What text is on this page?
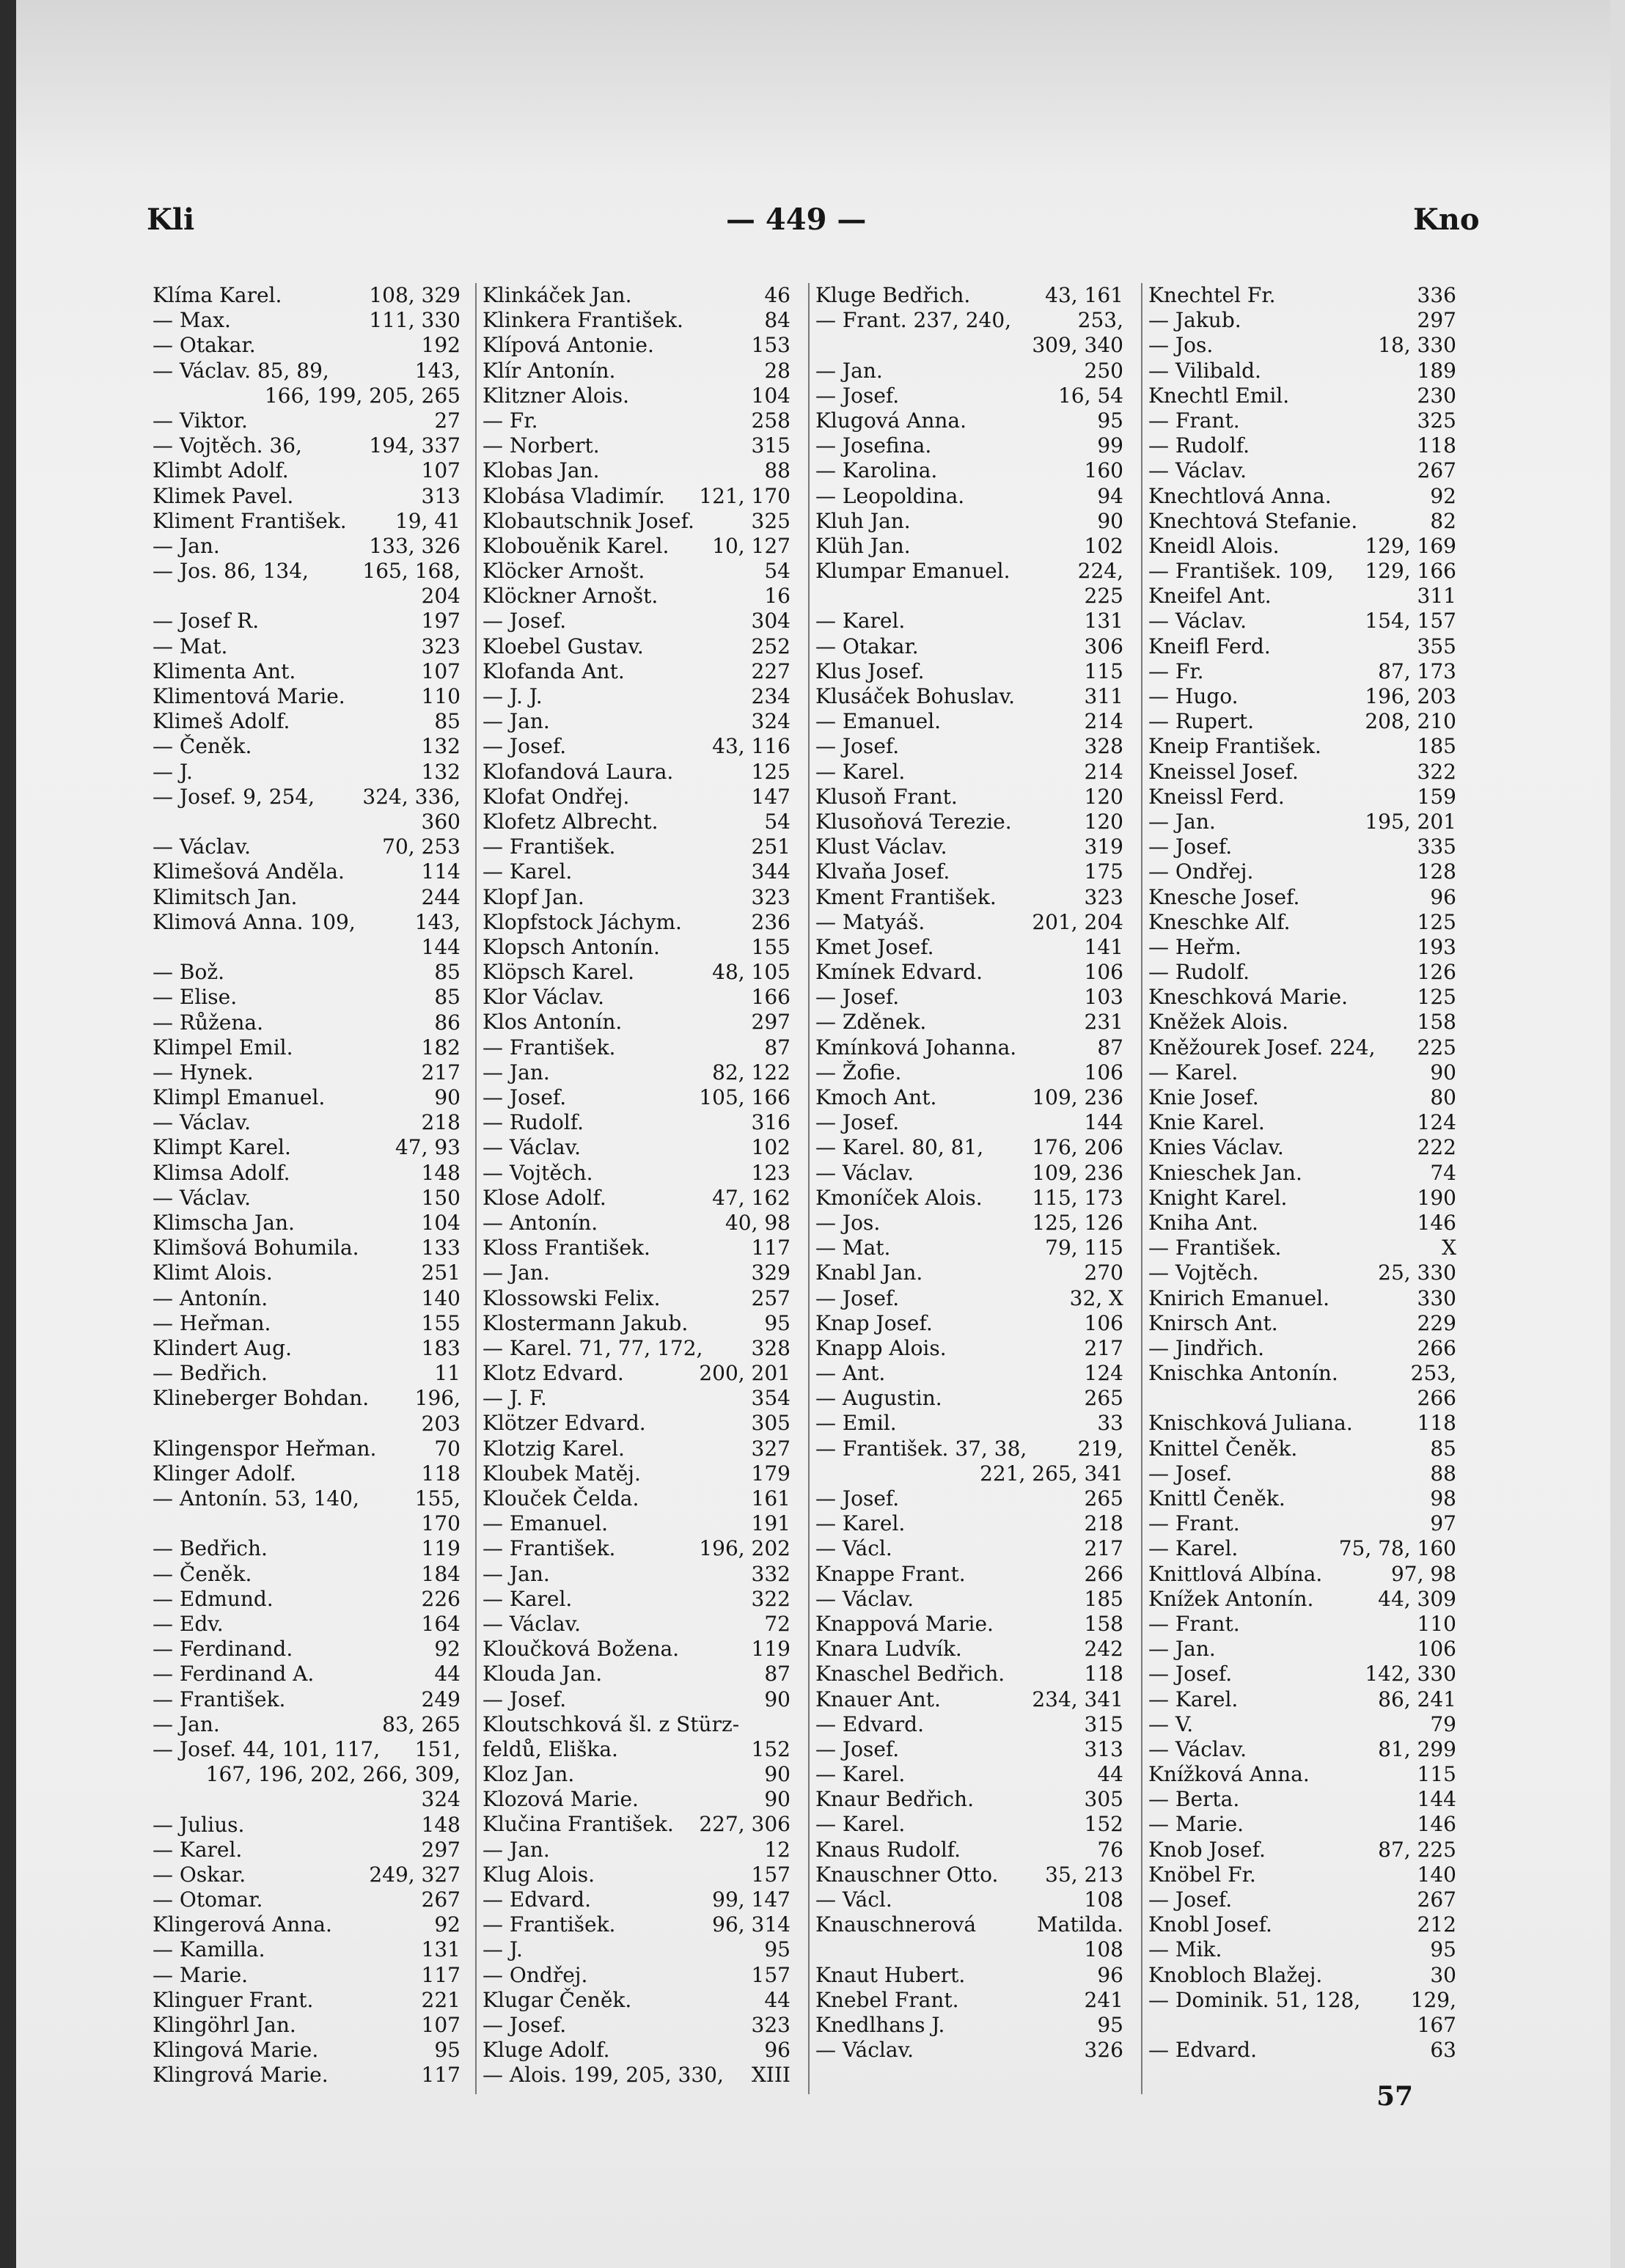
Kli	— 449 —	Kno
Klíma Karel.	108, 329
— Max.	111, 330
— Otakar.	192
— Václav. 85, 89,	143,
166, 199, 205, 265
— Viktor.	27
— Vojtěch. 36,	194, 337
Klimbt Adolf.	107
Klimek Pavel.	313
Kliment František. 19, 41
— Jan.	133, 326
— Jos. 86, 134,	165, 168,
204
— Josef R.	197
— Mat.	323
Klimenta Ant.	107
Klimentová Marie.	110
Klimeš Adolf.	85
— Čeněk.	132
— J.	132
— Josef. 9, 254, 324, 336,
360
— Václav.	70, 253
Klimešová Anděla.	114
Klimitsch Jan.	244
Klimová Anna. 109,	143,
144
— Bož.	85
— Elise.	85
— Růžena.	86
Klimpel Emil.	182
— Hynek.	217
Klimpl Emanuel.	90
— Václav.	218
Klimpt Karel.	47, 93
Klimsa Adolf.	148
— Václav.	150
Klimscha Jan.	104
Klimšová Bohumila.	133
Klimt Alois.	251
— Antonín.	140
— Heřman.	155
Klindert Aug.	183
— Bedřich.	11
Klineberger Bohdan. 196,
203
Klingenspor Heřman.	70
Klinger Adolf.	118
— Antonín. 53, 140,	155,
170
— Bedřich.	119
— Čeněk.	184
— Edmund.	226
— Edv.	164
— Ferdinand.	92
— Ferdinand A.	44
— František.	249
— Jan.	83, 265
— Josef. 44, 101, 117, 151,
167, 196, 202, 266, 309,
324
— Julius.	148
— Karel.	297
— Oskar.	249, 327
— Otomar.	267
Klingerová Anna.	92
— Kamilla.	131
— Marie.	117
Klinguer Frant.	221
Klingöhrl Jan.	107
Klingová Marie.	95
Klingrová Marie.	117
Klinkáček Jan.	46
Klinkera František.	84
Klípová Antonie.	153
Klír Antonín.	28
Klitzner Alois.	104
— Fr.	258
— Norbert.	315
Klobas Jan.	88
Klobása Vladimír. 121, 170
Klobautschnik Josef.	325
Klobouěnik Karel. 10, 127
Klöcker Arnošt.	54
Klöckner Arnošt.	16
— Josef.	304
Kloebel Gustav.	252
Klofanda Ant.	227
— J. J.	234
— Jan.	324
— Josef.	43, 116
Klofandová Laura.	125
Klofat Ondřej.	147
Klofetz Albrecht.	54
— František.	251
— Karel.	344
Klopf Jan.	323
Klopfstock Jáchym.	236
Klopsch Antonín.	155
Klöpsch Karel.	48, 105
Klor Václav.	166
Klos Antonín.	297
— František.	87
— Jan.	82, 122
— Josef.	105, 166
— Rudolf.	316
— Václav.	102
— Vojtěch.	123
Klose Adolf.	47, 162
— Antonín.	40, 98
Kloss František.	117
— Jan.	329
Klossowski Felix.	257
Klostermann Jakub.	95
— Karel. 71, 77, 172, 328
Klotz Edvard.	200, 201
— J. F.	354
Klötzer Edvard.	305
Klotzig Karel.	327
Kloubek Matěj.	179
Klouček Čelda.	161
— Emanuel.	191
— František.	196, 202
— Jan.	332
— Karel.	322
— Václav.	72
Kloučková Božena.	119
Klouda Jan.	87
— Josef.	90
Kloutschková šl. z Stürz-
feldů, Eliška.	152
Kloz Jan.	90
Klozová Marie.	90
Klučina František. 227, 306
— Jan.	12
Klug Alois.	157
— Edvard.	99, 147
— František.	96, 314
— J.	95
— Ondřej.	157
Klugar Čeněk.	44
— Josef.	323
Kluge Adolf.	96
— Alois. 199, 205, 330, XIII
Kluge Bedřich.	43, 161
— Frant. 237, 240,	253,
309, 340
— Jan.	250
— Josef.	16, 54
Klugová Anna.	95
— Josefina.	99
— Karolina.	160
— Leopoldina.	94
Kluh Jan.	90
Klüh Jan.	102
Klumpar Emanuel.	224,
225
— Karel.	131
— Otakar.	306
Klus Josef.	115
Klusáček Bohuslav.	311
— Emanuel.	214
— Josef.	328
— Karel.	214
Klusoň Frant.	120
Klusoňová Terezie.	120
Klust Václav.	319
Klvaňa Josef.	175
Kment František.	323
— Matyáš.	201, 204
Kmet Josef.	141
Kmínek Edvard.	106
— Josef.	103
— Zděnek.	231
Kmínková Johanna.	87
— Žofie.	106
Kmoch Ant.	109, 236
— Josef.	144
— Karel. 80, 81, 176, 206
— Václav.	109, 236
Kmoníček Alois. 115, 173
— Jos.	125, 126
— Mat.	79, 115
Knabl Jan.	270
— Josef.	32, X
Knap Josef.	106
Knapp Alois.	217
— Ant.	124
— Augustin.	265
— Emil.	33
— František. 37, 38, 219,
221, 265, 341
— Josef.	265
— Karel.	218
— Václ.	217
Knappe Frant.	266
— Václav.	185
Knappová Marie.	158
Knara Ludvík.	242
Knaschel Bedřich.	118
Knauer Ant.	234, 341
— Edvard.	315
— Josef.	313
— Karel.	44
Knaur Bedřich.	305
— Karel.	152
Knaus Rudolf.	76
Knauschner Otto. 35, 213
— Václ.	108
Knauschnerová	Matilda.
108
Knaut Hubert.	96
Knebel Frant.	241
Knedlhans J.	95
— Václav.	326
Knechtel Fr.	336
— Jakub.	297
— Jos.	18, 330
— Vilibald.	189
Knechtl Emil.	230
— Frant.	325
— Rudolf.	118
— Václav.	267
Knechtlová Anna.	92
Knechtová Stefanie.	82
Kneidl Alois.	129, 169
— František. 109, 129, 166
Kneifel Ant.	311
— Václav.	154, 157
Kneifl Ferd.	355
— Fr.	87, 173
— Hugo.	196, 203
— Rupert.	208, 210
Kneip František.	185
Kneissel Josef.	322
Kneissl Ferd.	159
— Jan.	195, 201
— Josef.	335
— Ondřej.	128
Knesche Josef.	96
Kneschke Alf.	125
— Heřm.	193
— Rudolf.	126
Kneschková Marie.	125
Kněžek Alois.	158
Kněžourek Josef. 224, 225
— Karel.	90
Knie Josef.	80
Knie Karel.	124
Knies Václav.	222
Knieschek Jan.	74
Knight Karel.	190
Kniha Ant.	146
— František.	X
— Vojtěch.	25, 330
Knirich Emanuel.	330
Knirsch Ant.	229
— Jindřich.	266
Knischka Antonín.	253,
266
Knischková Juliana.	118
Knittel Čeněk.	85
— Josef.	88
Knittl Čeněk.	98
— Frant.	97
— Karel.	75, 78, 160
Knittlová Albína.	97, 98
Knížek Antonín.	44, 309
— Frant.	110
— Jan.	106
— Josef.	142, 330
— Karel.	86, 241
— V.	79
— Václav.	81, 299
Knížková Anna.	115
— Berta.	144
— Marie.	146
Knob Josef.	87, 225
Knöbel Fr.	140
— Josef.	267
Knobl Josef.	212
— Mik.	95
Knobloch Blažej.	30
— Dominik. 51, 128, 129,
167
— Edvard.	63
57
